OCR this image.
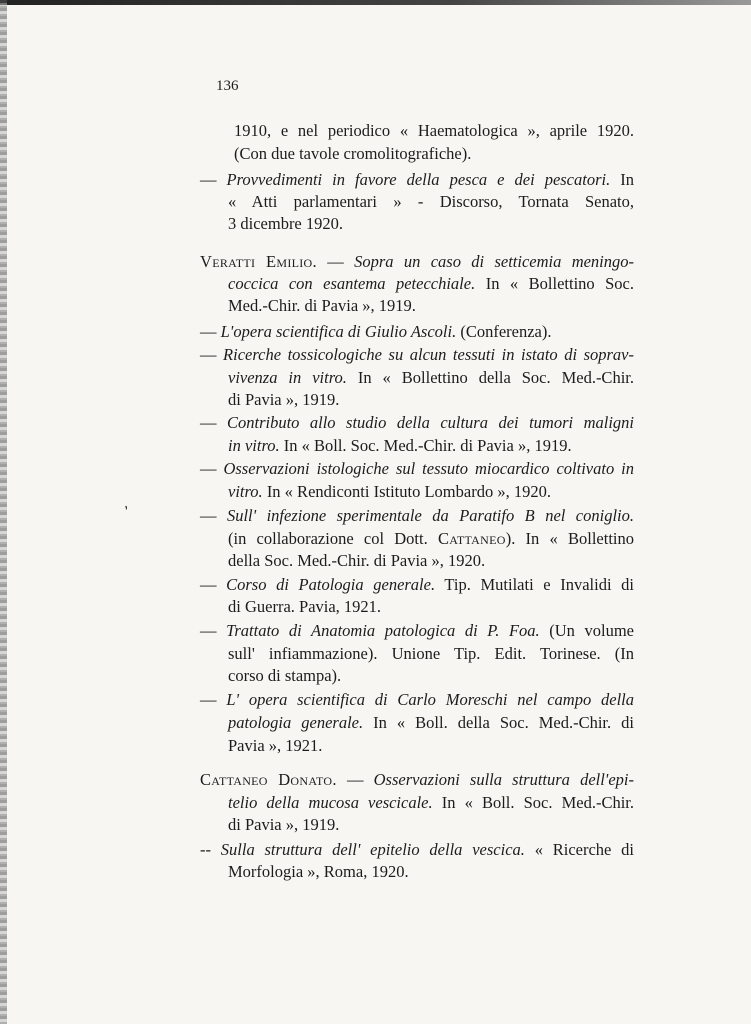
136
1910, e nel periodico « Haematologica », aprile 1920.
(Con due tavole cromolitografiche).
— Provvedimenti in favore della pesca e dei pescatori. In
« Atti parlamentari » - Discorso, Tornata Senato,
3 dicembre 1920.
Veratti Emilio. — Sopra un caso di setticemia meningo-
coccica con esantema petecchiale. In « Bollettino Soc.
Med.-Chir. di Pavia », 1919.
— L'opera scientifica di Giulio Ascoli. (Conferenza).
— Ricerche tossicologiche su alcun tessuti in istato di soprav-
vivenza in vitro. In « Bollettino della Soc. Med.-Chir.
di Pavia », 1919.
— Contributo allo studio della cultura dei tumori maligni
in vitro. In « Boll. Soc. Med.-Chir. di Pavia », 1919.
— Osservazioni istologiche sul tessuto miocardico coltivato in
vitro. In « Rendiconti Istituto Lombardo », 1920.
— Sull' infezione sperimentale da Paratifo B nel coniglio.
(in collaborazione col Dott. Cattaneo). In « Bollettino
della Soc. Med.-Chir. di Pavia », 1920.
— Corso di Patologia generale. Tip. Mutilati e Invalidi di
di Guerra. Pavia, 1921.
— Trattato di Anatomia patologica di P. Foa. (Un volume
sull' infiammazione). Unione Tip. Edit. Torinese. (In
corso di stampa).
— L' opera scientifica di Carlo Moreschi nel campo della
patologia generale. In « Boll. della Soc. Med.-Chir. di
Pavia », 1921.
Cattaneo Donato. — Osservazioni sulla struttura dell'epi-
telio della mucosa vescicale. In « Boll. Soc. Med.-Chir.
di Pavia », 1919.
-- Sulla struttura dell' epitelio della vescica. « Ricerche di
Morfologia », Roma, 1920.
ʼ
